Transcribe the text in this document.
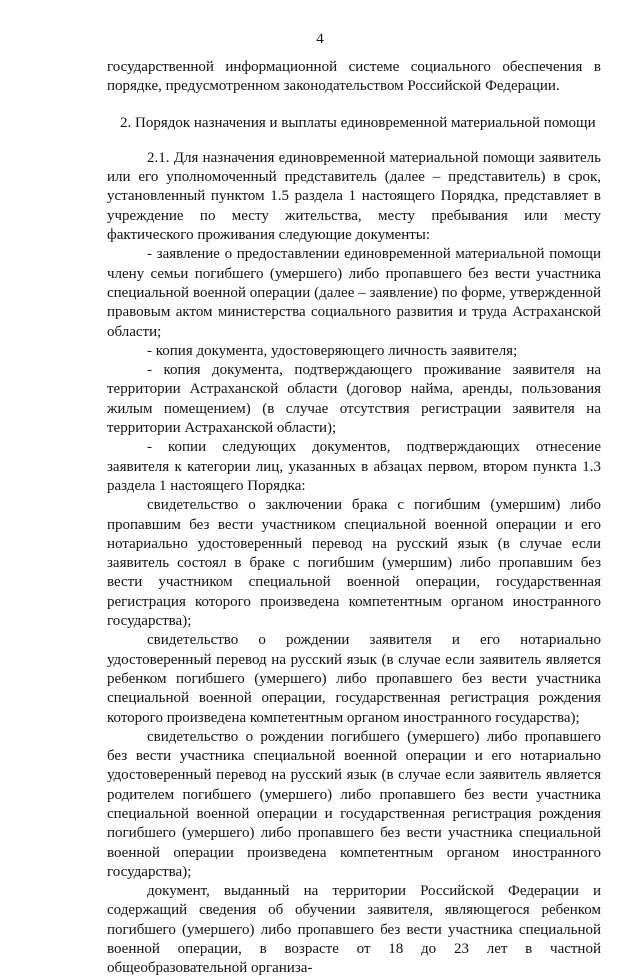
4

государственной информационной системе социального обеспечения в порядке, предусмотренном законодательством Российской Федерации.

2. Порядок назначения и выплаты единовременной материальной помощи

2.1. Для назначения единовременной материальной помощи заявитель или его уполномоченный представитель (далее – представитель) в срок, установленный пунктом 1.5 раздела 1 настоящего Порядка, представляет в учреждение по месту жительства, месту пребывания или месту фактического проживания следующие документы:

- заявление о предоставлении единовременной материальной помощи члену семьи погибшего (умершего) либо пропавшего без вести участника специальной военной операции (далее – заявление) по форме, утвержденной правовым актом министерства социального развития и труда Астраханской области;

- копия документа, удостоверяющего личность заявителя;

- копия документа, подтверждающего проживание заявителя на территории Астраханской области (договор найма, аренды, пользования жилым помещением) (в случае отсутствия регистрации заявителя на территории Астраханской области);

- копии следующих документов, подтверждающих отнесение заявителя к категории лиц, указанных в абзацах первом, втором пункта 1.3 раздела 1 настоящего Порядка:

свидетельство о заключении брака с погибшим (умершим) либо пропавшим без вести участником специальной военной операции и его нотариально удостоверенный перевод на русский язык (в случае если заявитель состоял в браке с погибшим (умершим) либо пропавшим без вести участником специальной военной операции, государственная регистрация которого произведена компетентным органом иностранного государства);

свидетельство о рождении заявителя и его нотариально удостоверенный перевод на русский язык (в случае если заявитель является ребенком погибшего (умершего) либо пропавшего без вести участника специальной военной операции, государственная регистрация рождения которого произведена компетентным органом иностранного государства);

свидетельство о рождении погибшего (умершего) либо пропавшего без вести участника специальной военной операции и его нотариально удостоверенный перевод на русский язык (в случае если заявитель является родителем погибшего (умершего) либо пропавшего без вести участника специальной военной операции и государственная регистрация рождения погибшего (умершего) либо пропавшего без вести участника специальной военной операции произведена компетентным органом иностранного государства);

документ, выданный на территории Российской Федерации и содержащий сведения об обучении заявителя, являющегося ребенком погибшего (умершего) либо пропавшего без вести участника специальной военной операции, в возрасте от 18 до 23 лет в частной общеобразовательной организа-
